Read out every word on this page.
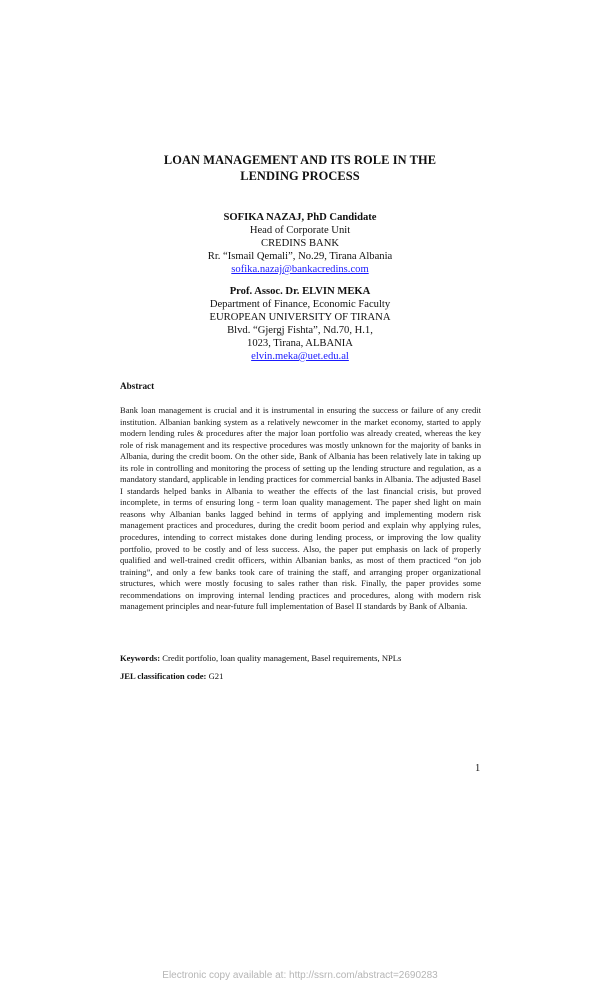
LOAN MANAGEMENT AND ITS ROLE IN THE
LENDING PROCESS
SOFIKA NAZAJ, PhD Candidate
Head of Corporate Unit
CREDINS BANK
Rr. “Ismail Qemali”, No.29, Tirana Albania
sofika.nazaj@bankacredins.com
Prof. Assoc. Dr. ELVIN MEKA
Department of Finance, Economic Faculty
EUROPEAN UNIVERSITY OF TIRANA
Blvd. “Gjergj Fishta”, Nd.70, H.1,
1023, Tirana, ALBANIA
elvin.meka@uet.edu.al
Abstract
Bank loan management is crucial and it is instrumental in ensuring the success or failure of any credit institution. Albanian banking system as a relatively newcomer in the market economy, started to apply modern lending rules & procedures after the major loan portfolio was already created, whereas the key role of risk management and its respective procedures was mostly unknown for the majority of banks in Albania, during the credit boom. On the other side, Bank of Albania has been relatively late in taking up its role in controlling and monitoring the process of setting up the lending structure and regulation, as a mandatory standard, applicable in lending practices for commercial banks in Albania. The adjusted Basel I standards helped banks in Albania to weather the effects of the last financial crisis, but proved incomplete, in terms of ensuring long - term loan quality management. The paper shed light on main reasons why Albanian banks lagged behind in terms of applying and implementing modern risk management practices and procedures, during the credit boom period and explain why applying rules, procedures, intending to correct mistakes done during lending process, or improving the low quality portfolio, proved to be costly and of less success. Also, the paper put emphasis on lack of properly qualified and well-trained credit officers, within Albanian banks, as most of them practiced “on job training”, and only a few banks took care of training the staff, and arranging proper organizational structures, which were mostly focusing to sales rather than risk. Finally, the paper provides some recommendations on improving internal lending practices and procedures, along with modern risk management principles and near-future full implementation of Basel II standards by Bank of Albania.
Keywords: Credit portfolio, loan quality management, Basel requirements, NPLs
JEL classification code: G21
1
Electronic copy available at: http://ssrn.com/abstract=2690283
